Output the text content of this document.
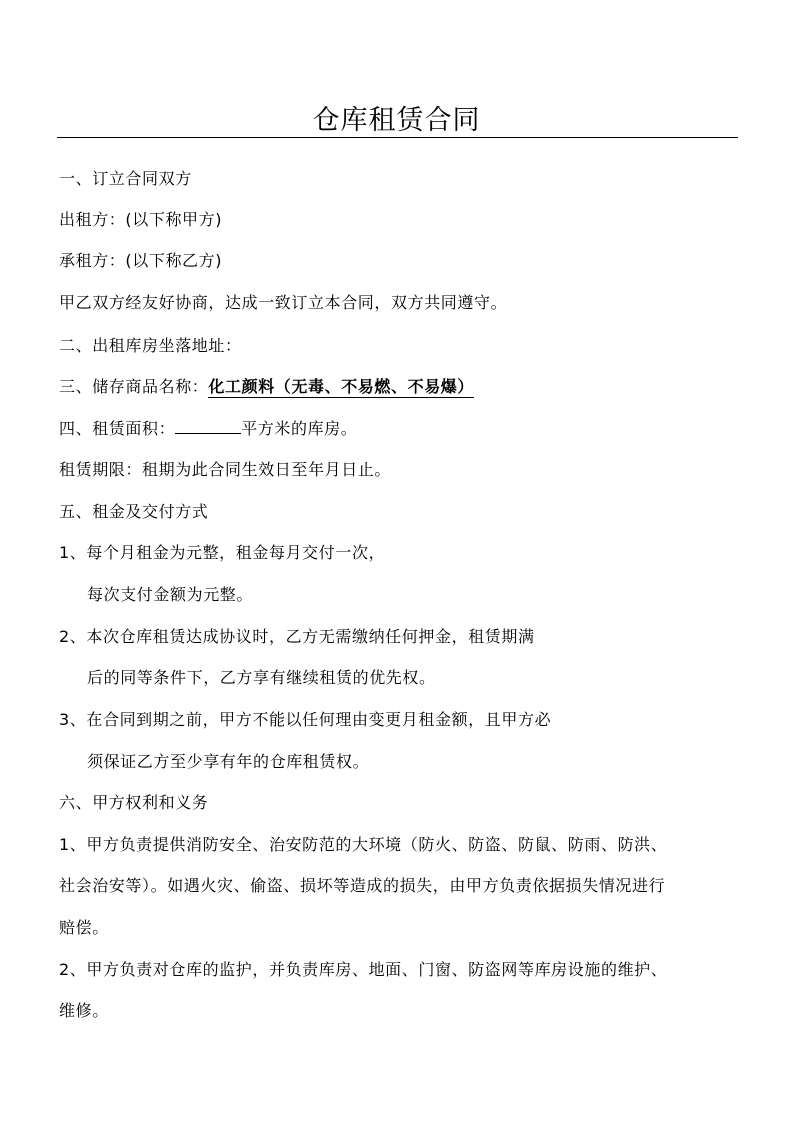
仓库租赁合同
一、订立合同双方
出租方：(以下称甲方)
承租方：(以下称乙方)
甲乙双方经友好协商，达成一致订立本合同，双方共同遵守。
二、出租库房坐落地址：
三、储存商品名称：化工颜料（无毒、不易燃、不易爆）
四、租赁面积：	平方米的库房。
租赁期限：租期为此合同生效日至年月日止。
五、租金及交付方式
1、每个月租金为元整，租金每月交付一次，
每次支付金额为元整。
2、本次仓库租赁达成协议时，乙方无需缴纳任何押金，租赁期满
后的同等条件下，乙方享有继续租赁的优先权。
3、在合同到期之前，甲方不能以任何理由变更月租金额，且甲方必
须保证乙方至少享有年的仓库租赁权。
六、甲方权利和义务
1、甲方负责提供消防安全、治安防范的大环境（防火、防盗、防鼠、防雨、防洪、
社会治安等）。如遇火灾、偷盗、损坏等造成的损失，由甲方负责依据损失情况进行
赔偿。
2、甲方负责对仓库的监护，并负责库房、地面、门窗、防盗网等库房设施的维护、
维修。
